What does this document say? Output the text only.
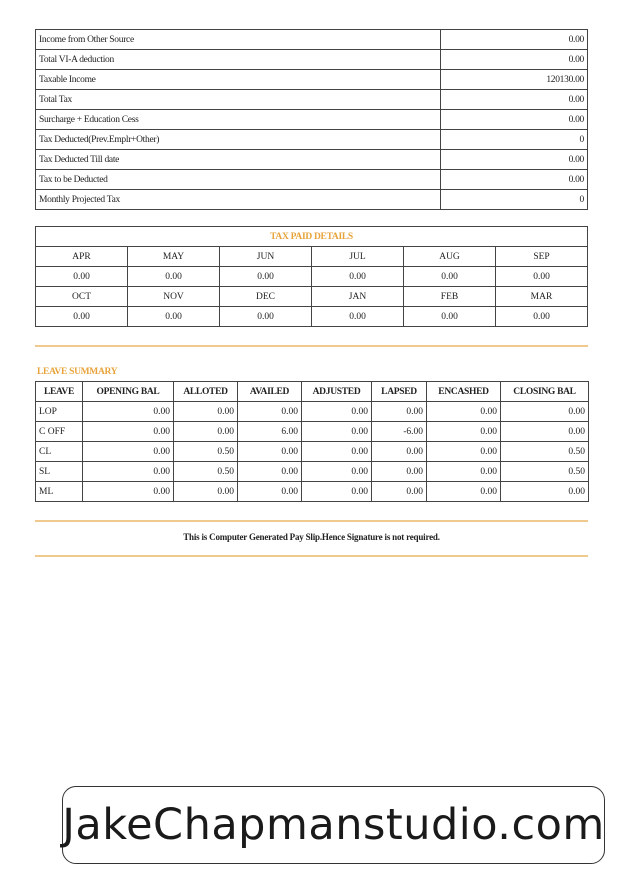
Income from Other Source	0.00
Total VI-A deduction	0.00
Taxable Income	120130.00
Total Tax	0.00
Surcharge + Education Cess	0.00
Tax Deducted(Prev.Emplr+Other)	0
Tax Deducted Till date	0.00
Tax to be Deducted	0.00
Monthly Projected Tax	0
TAX PAID DETAILS					
APR	MAY	JUN	JUL	AUG	SEP
0.00	0.00	0.00	0.00	0.00	0.00
OCT	NOV	DEC	JAN	FEB	MAR
0.00	0.00	0.00	0.00	0.00	0.00
LEAVE SUMMARY
LEAVE	OPENING BAL	ALLOTED	AVAILED	ADJUSTED	LAPSED	ENCASHED	CLOSING BAL
LOP	0.00	0.00	0.00	0.00	0.00	0.00	0.00
C OFF	0.00	0.00	6.00	0.00	-6.00	0.00	0.00
CL	0.00	0.50	0.00	0.00	0.00	0.00	0.50
SL	0.00	0.50	0.00	0.00	0.00	0.00	0.50
ML	0.00	0.00	0.00	0.00	0.00	0.00	0.00
This is Computer Generated Pay Slip.Hence Signature is not required.
JakeChapmanstudio.com
